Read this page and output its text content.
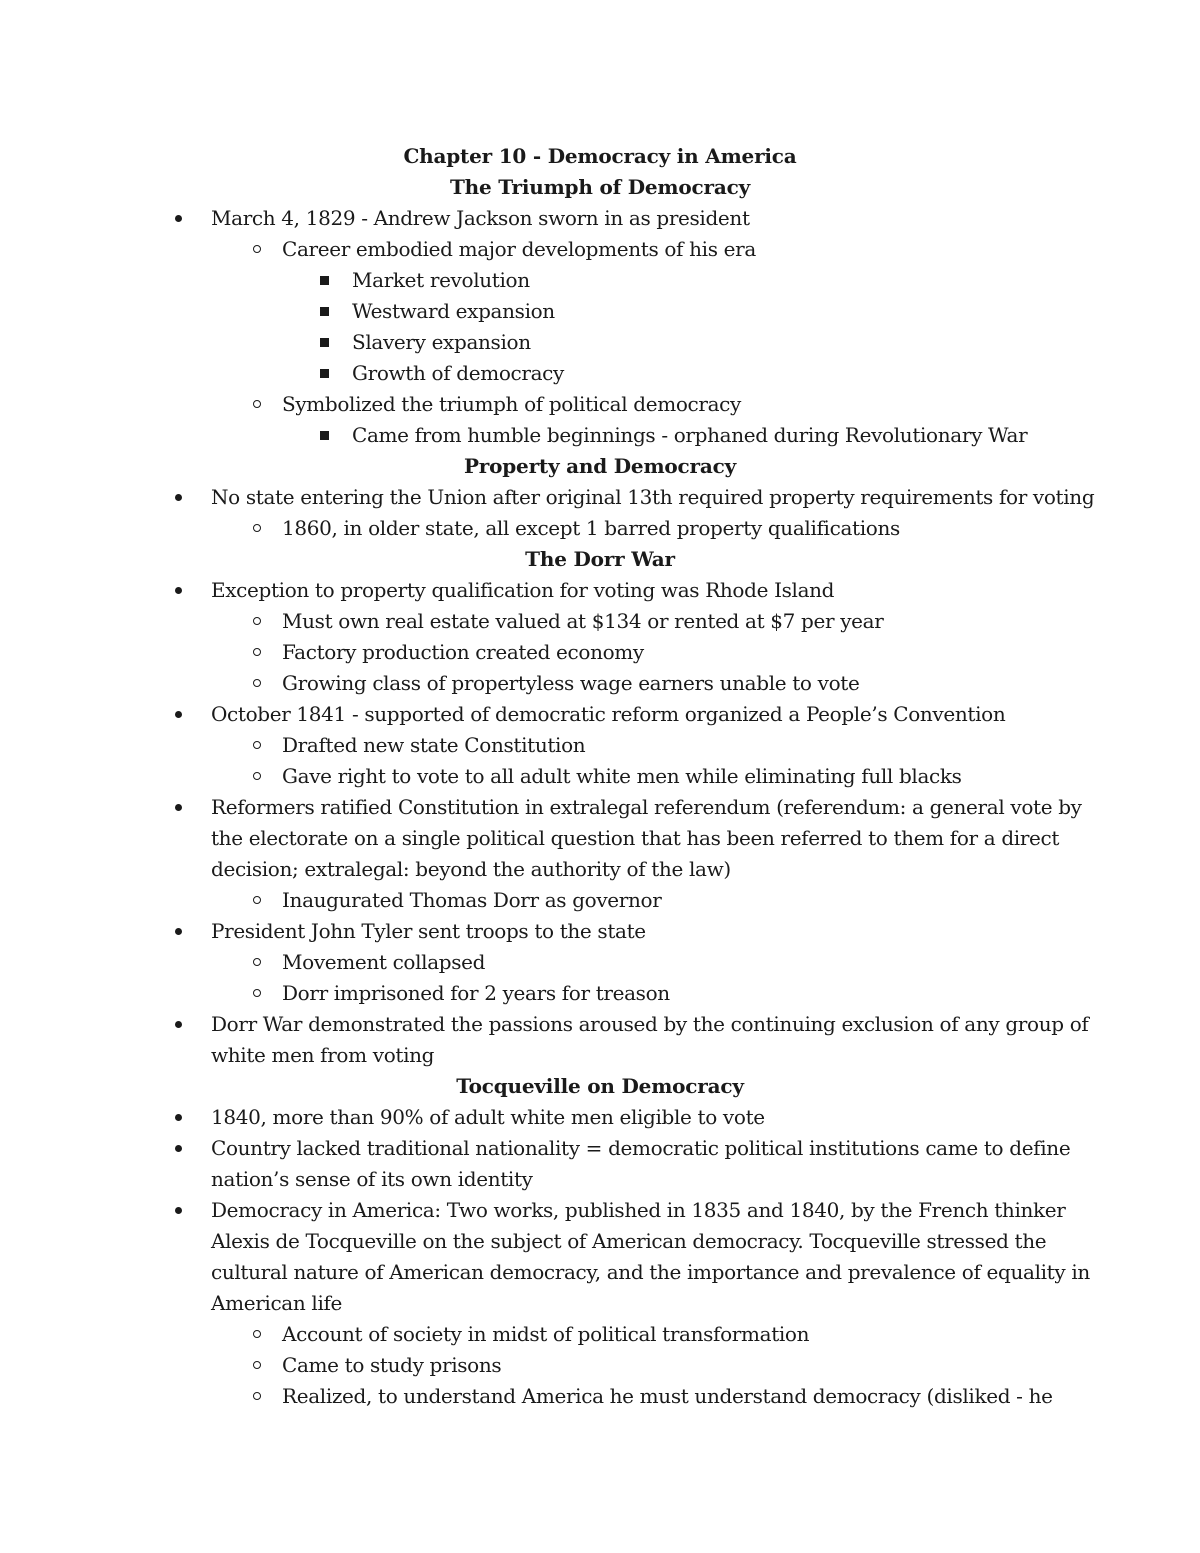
Chapter 10 - Democracy in America
The Triumph of Democracy
March 4, 1829 - Andrew Jackson sworn in as president
Career embodied major developments of his era
Market revolution
Westward expansion
Slavery expansion
Growth of democracy
Symbolized the triumph of political democracy
Came from humble beginnings - orphaned during Revolutionary War
Property and Democracy
No state entering the Union after original 13th required property requirements for voting
1860, in older state, all except 1 barred property qualifications
The Dorr War
Exception to property qualification for voting was Rhode Island
Must own real estate valued at $134 or rented at $7 per year
Factory production created economy
Growing class of propertyless wage earners unable to vote
October 1841 - supported of democratic reform organized a People’s Convention
Drafted new state Constitution
Gave right to vote to all adult white men while eliminating full blacks
Reformers ratified Constitution in extralegal referendum (referendum: a general vote by
the electorate on a single political question that has been referred to them for a direct
decision; extralegal: beyond the authority of the law)
Inaugurated Thomas Dorr as governor
President John Tyler sent troops to the state
Movement collapsed
Dorr imprisoned for 2 years for treason
Dorr War demonstrated the passions aroused by the continuing exclusion of any group of
white men from voting
Tocqueville on Democracy
1840, more than 90% of adult white men eligible to vote
Country lacked traditional nationality = democratic political institutions came to define
nation’s sense of its own identity
Democracy in America: Two works, published in 1835 and 1840, by the French thinker
Alexis de Tocqueville on the subject of American democracy. Tocqueville stressed the
cultural nature of American democracy, and the importance and prevalence of equality in
American life
Account of society in midst of political transformation
Came to study prisons
Realized, to understand America he must understand democracy (disliked - he
